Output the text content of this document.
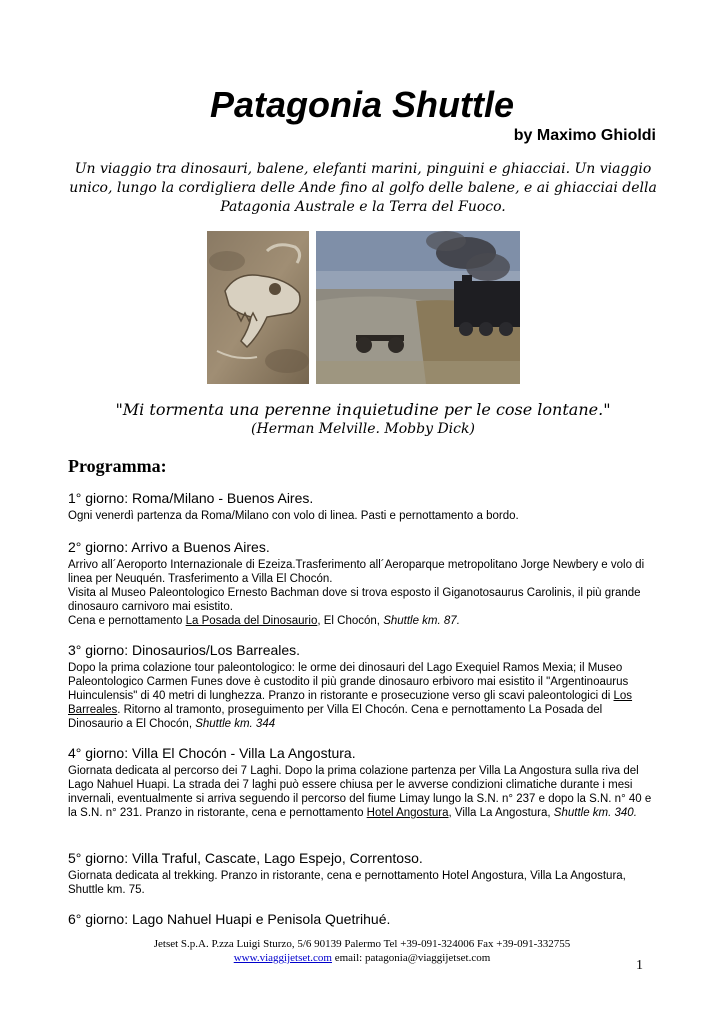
Patagonia Shuttle
by Maximo Ghioldi

Un viaggio tra dinosauri, balene, elefanti marini, pinguini e ghiacciai. Un viaggio unico, lungo la cordigliera delle Ande fino al golfo delle balene, e ai ghiacciai della Patagonia Australe e la Terra del Fuoco.

"Mi tormenta una perenne inquietudine per le cose lontane."
(Herman Melville. Mobby Dick)
Programma:

1° giorno: Roma/Milano - Buenos Aires.

Ogni venerdì partenza da Roma/Milano con volo di linea. Pasti e pernottamento a bordo.

2° giorno: Arrivo a Buenos Aires.

Arrivo all´Aeroporto Internazionale di Ezeiza.Trasferimento all´Aeroparque metropolitano Jorge Newbery e volo di linea per Neuquén. Trasferimento a Villa El Chocón.
Visita al Museo Paleontologico Ernesto Bachman dove si trova esposto il Giganotosaurus Carolinis, il più grande dinosauro carnivoro mai esistito.
Cena e pernottamento La Posada del Dinosaurio, El Chocón, Shuttle km. 87.

3° giorno: Dinosaurios/Los Barreales.

Dopo la prima colazione tour paleontologico: le orme dei dinosauri del Lago Exequiel Ramos Mexia; il Museo Paleontologico Carmen Funes dove è custodito il più grande dinosauro erbivoro mai esistito il "Argentinoaurus Huinculensis" di 40 metri di lunghezza. Pranzo in ristorante e prosecuzione verso gli scavi paleontologici di Los Barreales. Ritorno al tramonto, proseguimento per Villa El Chocón. Cena e pernottamento La Posada del Dinosaurio a El Chocón, Shuttle km. 344

4° giorno: Villa El Chocón - Villa La Angostura.

Giornata dedicata al percorso dei 7 Laghi. Dopo la prima colazione partenza per Villa La Angostura sulla riva del Lago Nahuel Huapi. La strada dei 7 laghi può essere chiusa per le avverse condizioni climatiche durante i mesi invernali, eventualmente si arriva seguendo il percorso del fiume Limay lungo la S.N. n° 237 e dopo la S.N. n° 40 e la S.N. n° 231. Pranzo in ristorante, cena e pernottamento Hotel Angostura, Villa La Angostura, Shuttle km. 340.

5° giorno: Villa Traful, Cascate, Lago Espejo, Correntoso.

Giornata dedicata al trekking. Pranzo in ristorante, cena e pernottamento Hotel Angostura, Villa La Angostura, Shuttle km. 75.

6° giorno: Lago Nahuel Huapi e Penisola Quetrihué.

Jetset S.p.A. P.zza Luigi Sturzo, 5/6 90139 Palermo Tel +39-091-324006 Fax +39-091-332755
www.viaggijetset.com email: patagonia@viaggijetset.com	1
